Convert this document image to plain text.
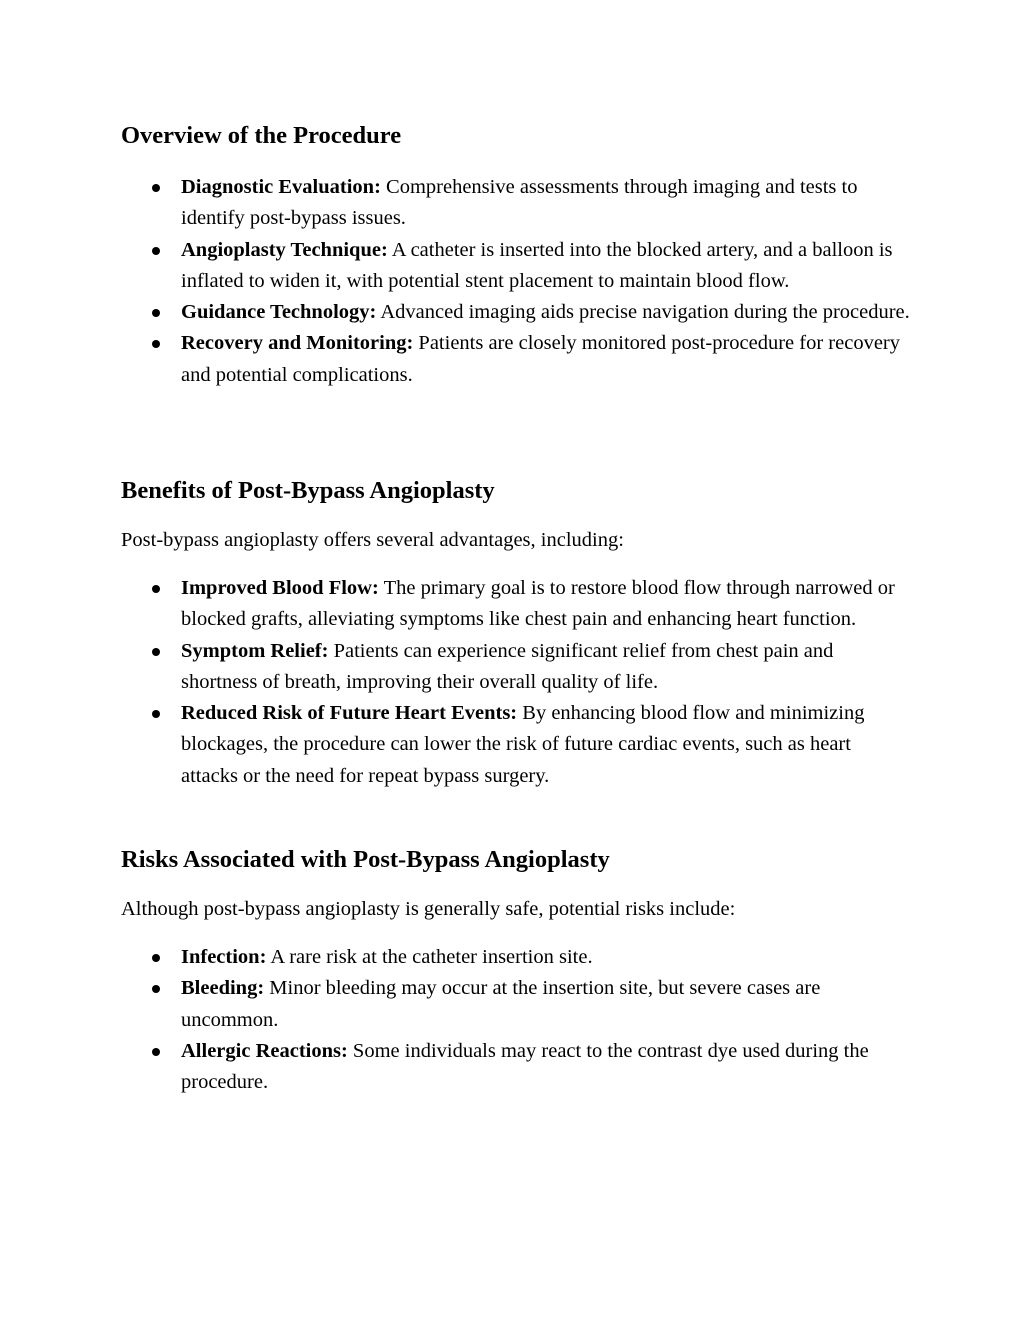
Overview of the Procedure
Diagnostic Evaluation: Comprehensive assessments through imaging and tests to identify post-bypass issues.
Angioplasty Technique: A catheter is inserted into the blocked artery, and a balloon is inflated to widen it, with potential stent placement to maintain blood flow.
Guidance Technology: Advanced imaging aids precise navigation during the procedure.
Recovery and Monitoring: Patients are closely monitored post-procedure for recovery and potential complications.
Benefits of Post-Bypass Angioplasty

Post-bypass angioplasty offers several advantages, including:

Improved Blood Flow: The primary goal is to restore blood flow through narrowed or blocked grafts, alleviating symptoms like chest pain and enhancing heart function.
Symptom Relief: Patients can experience significant relief from chest pain and shortness of breath, improving their overall quality of life.
Reduced Risk of Future Heart Events: By enhancing blood flow and minimizing blockages, the procedure can lower the risk of future cardiac events, such as heart attacks or the need for repeat bypass surgery.
Risks Associated with Post-Bypass Angioplasty

Although post-bypass angioplasty is generally safe, potential risks include:

Infection: A rare risk at the catheter insertion site.
Bleeding: Minor bleeding may occur at the insertion site, but severe cases are uncommon.
Allergic Reactions: Some individuals may react to the contrast dye used during the procedure.
